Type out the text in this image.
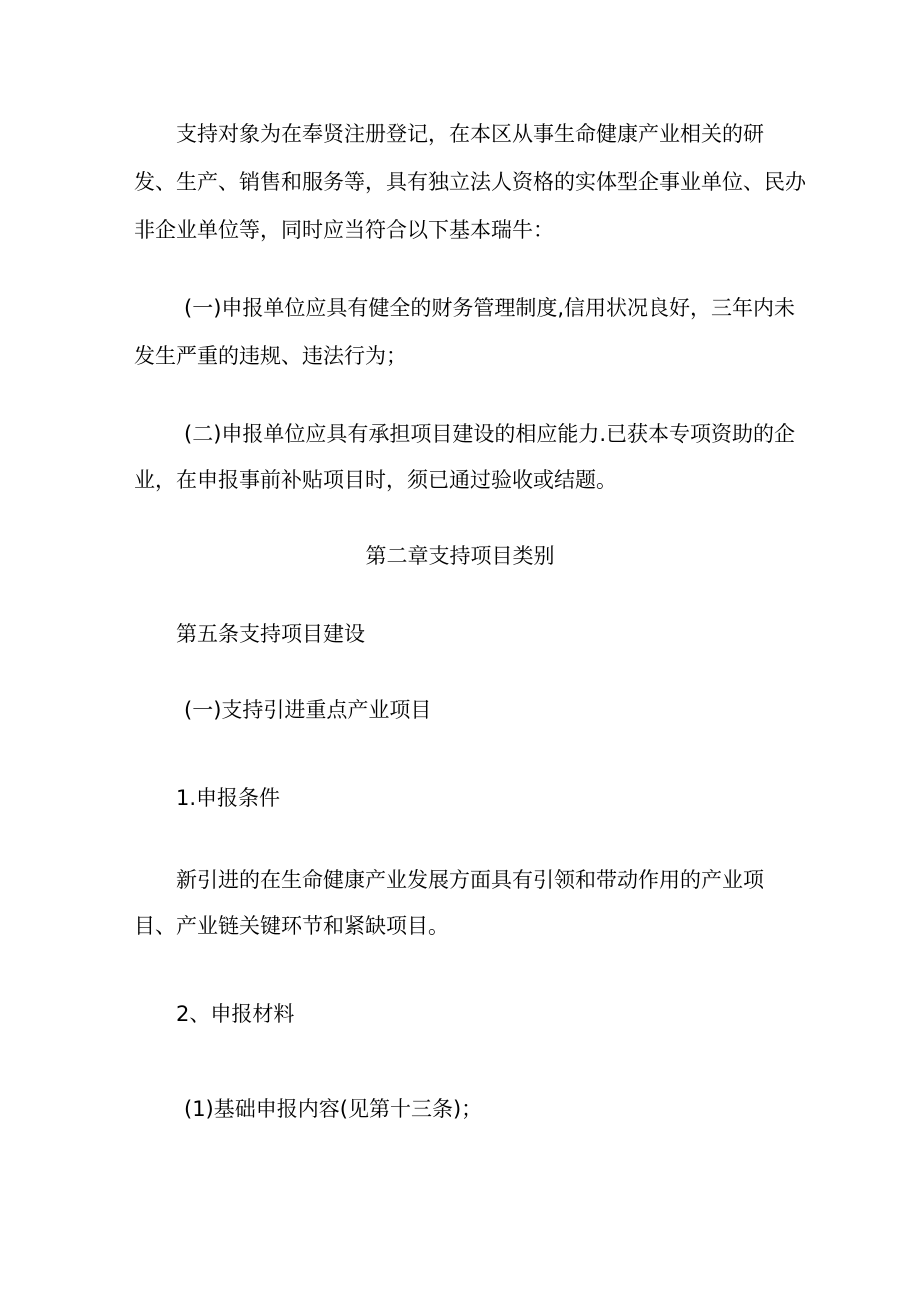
支持对象为在奉贤注册登记，在本区从事生命健康产业相关的研
发、生产、销售和服务等，具有独立法人资格的实体型企事业单位、民办
非企业单位等，同时应当符合以下基本瑞牛：
(一)申报单位应具有健全的财务管理制度,信用状况良好，三年内未
发生严重的违规、违法行为；
(二)申报单位应具有承担项目建设的相应能力.已获本专项资助的企
业，在申报事前补贴项目时，须已通过验收或结题。
第二章支持项目类别
第五条支持项目建设
(一)支持引进重点产业项目
1.申报条件
新引进的在生命健康产业发展方面具有引领和带动作用的产业项
目、产业链关键环节和紧缺项目。
2、申报材料
(1)基础申报内容(见第十三条)；
